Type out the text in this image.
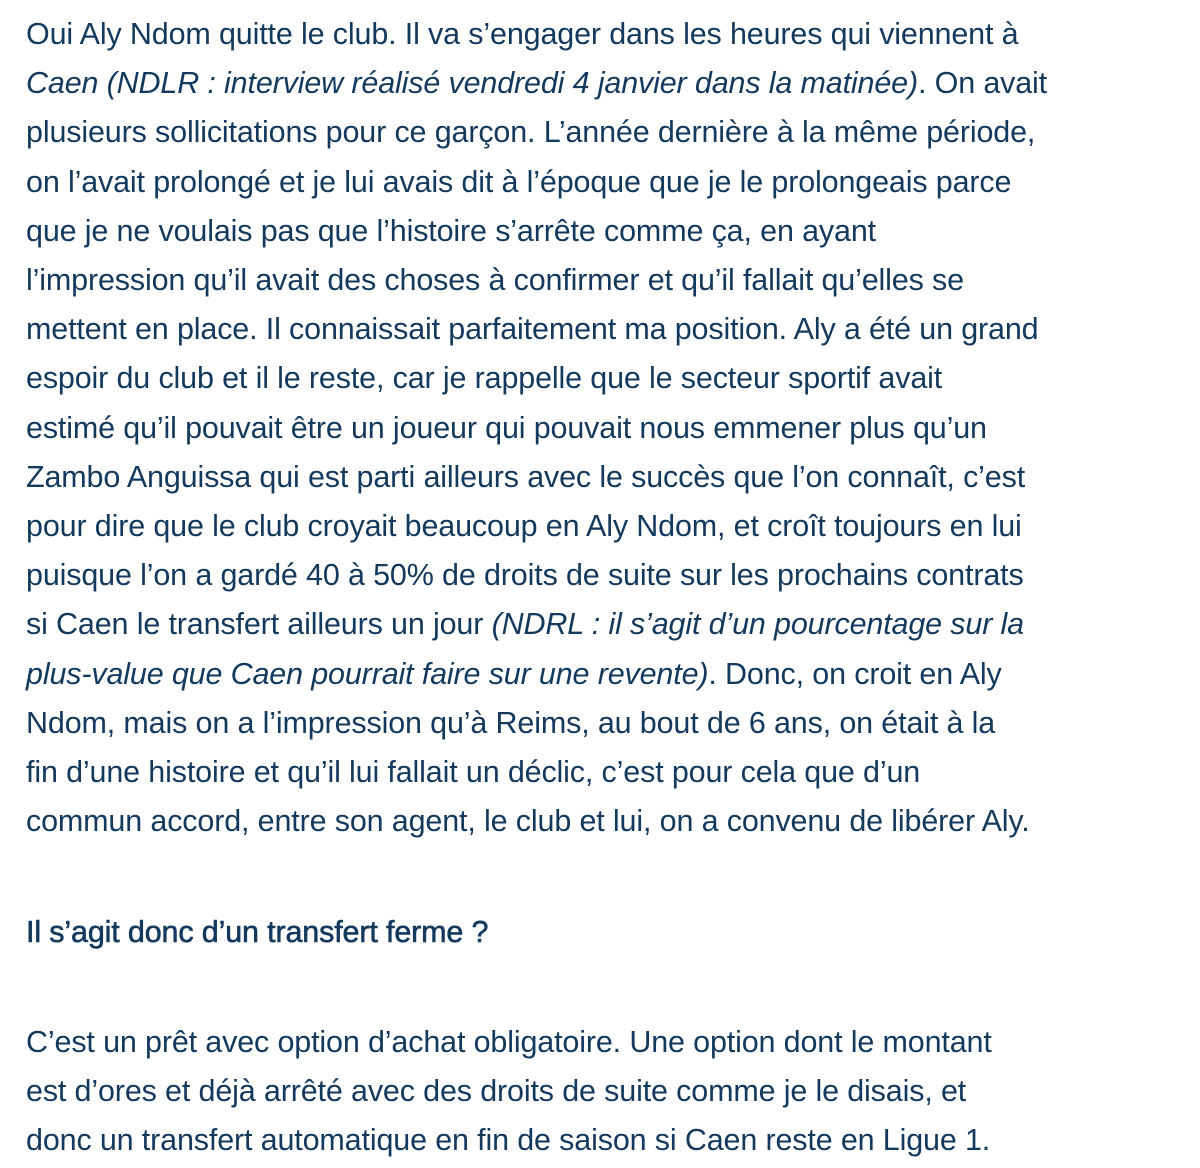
Oui Aly Ndom quitte le club. Il va s’engager dans les heures qui viennent à
Caen (NDLR : interview réalisé vendredi 4 janvier dans la matinée). On avait
plusieurs sollicitations pour ce garçon. L’année dernière à la même période,
on l’avait prolongé et je lui avais dit à l’époque que je le prolongeais parce
que je ne voulais pas que l’histoire s’arrête comme ça, en ayant
l’impression qu’il avait des choses à confirmer et qu’il fallait qu’elles se
mettent en place. Il connaissait parfaitement ma position. Aly a été un grand
espoir du club et il le reste, car je rappelle que le secteur sportif avait
estimé qu’il pouvait être un joueur qui pouvait nous emmener plus qu’un
Zambo Anguissa qui est parti ailleurs avec le succès que l’on connaît, c’est
pour dire que le club croyait beaucoup en Aly Ndom, et croît toujours en lui
puisque l’on a gardé 40 à 50% de droits de suite sur les prochains contrats
si Caen le transfert ailleurs un jour (NDRL : il s’agit d’un pourcentage sur la
plus-value que Caen pourrait faire sur une revente). Donc, on croit en Aly
Ndom, mais on a l’impression qu’à Reims, au bout de 6 ans, on était à la
fin d’une histoire et qu’il lui fallait un déclic, c’est pour cela que d’un
commun accord, entre son agent, le club et lui, on a convenu de libérer Aly.
Il s’agit donc d’un transfert ferme ?
C’est un prêt avec option d’achat obligatoire. Une option dont le montant
est d’ores et déjà arrêté avec des droits de suite comme je le disais, et
donc un transfert automatique en fin de saison si Caen reste en Ligue 1.
